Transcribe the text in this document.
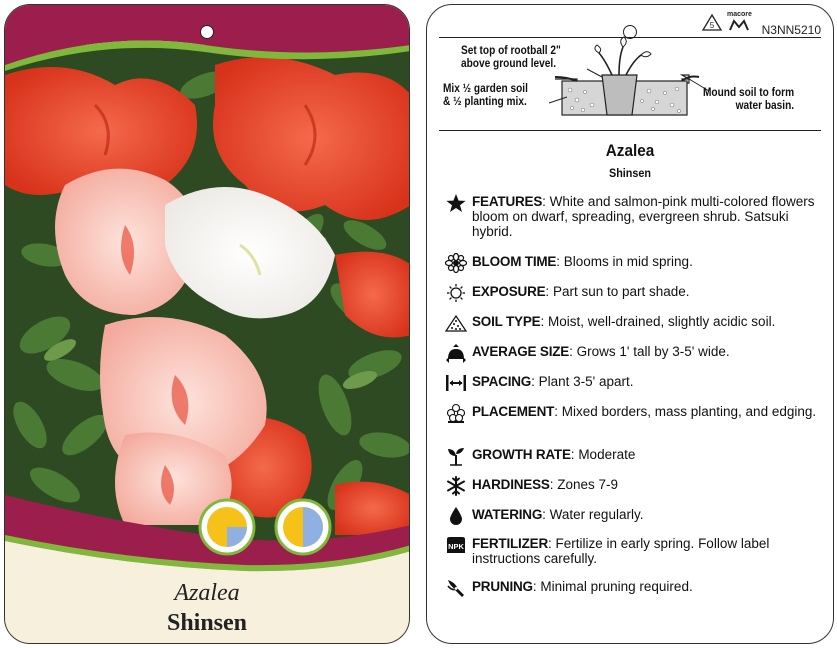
Azalea
Shinsen
5
macore
N3NN5210
Set top of rootball 2"
above ground level.
Mix ½ garden soil
& ½ planting mix.
Mound soil to form
water basin.
Azalea
Shinsen
FEATURES: White and salmon-pink multi-colored flowers bloom on dwarf, spreading, evergreen shrub. Satsuki hybrid.
BLOOM TIME: Blooms in mid spring.
EXPOSURE: Part sun to part shade.
SOIL TYPE: Moist, well-drained, slightly acidic soil.
AVERAGE SIZE: Grows 1' tall by 3-5' wide.
SPACING: Plant 3-5' apart.
PLACEMENT: Mixed borders, mass planting, and edging.
GROWTH RATE: Moderate
HARDINESS: Zones 7-9
WATERING: Water regularly.
NPK FERTILIZER: Fertilize in early spring. Follow label instructions carefully.
PRUNING: Minimal pruning required.
